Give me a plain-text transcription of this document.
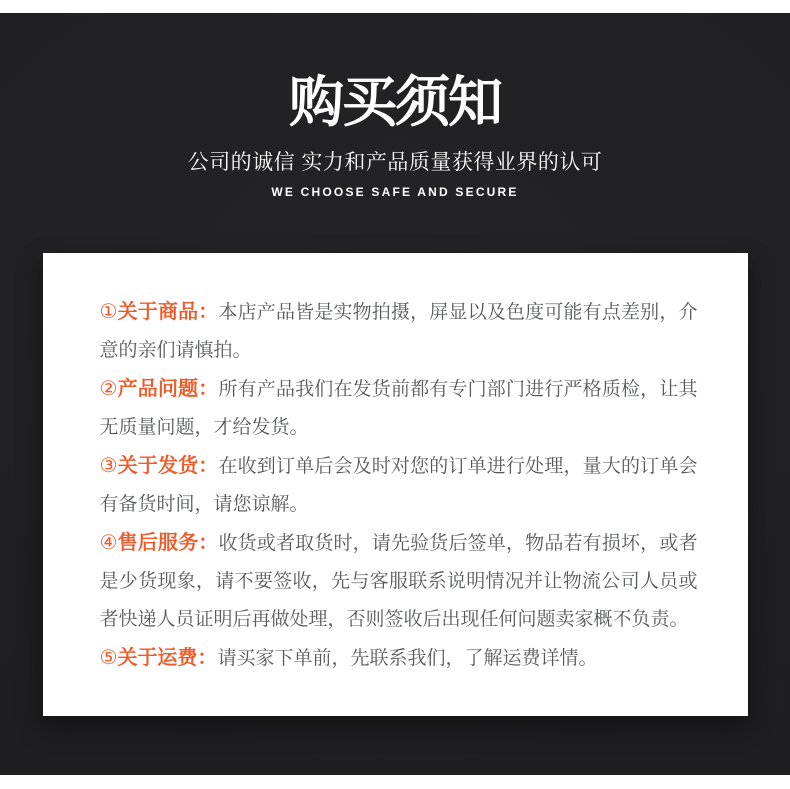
购买须知
公司的诚信 实力和产品质量获得业界的认可
WE CHOOSE SAFE AND SECURE

①关于商品：本店产品皆是实物拍摄，屏显以及色度可能有点差别，介意的亲们请慎拍。

②产品问题：所有产品我们在发货前都有专门部门进行严格质检，让其无质量问题，才给发货。

③关于发货：在收到订单后会及时对您的订单进行处理，量大的订单会有备货时间，请您谅解。

④售后服务：收货或者取货时，请先验货后签单，物品若有损坏，或者是少货现象，请不要签收，先与客服联系说明情况并让物流公司人员或者快递人员证明后再做处理，否则签收后出现任何问题卖家概不负责。

⑤关于运费：请买家下单前，先联系我们，了解运费详情。
